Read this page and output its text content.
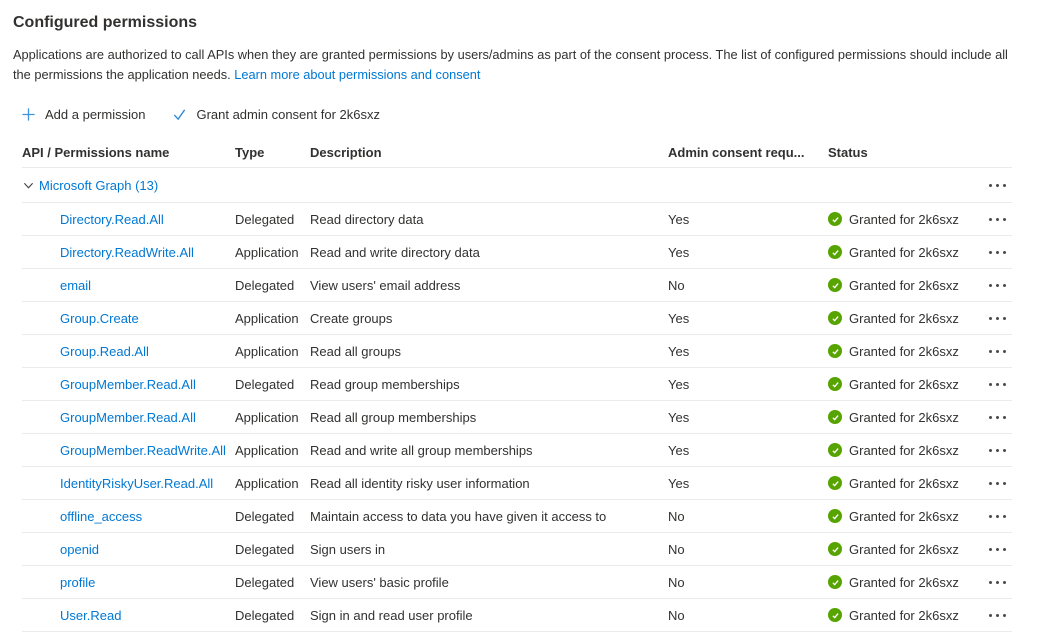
Configured permissions

Applications are authorized to call APIs when they are granted permissions by users/admins as part of the consent process. The list of configured permissions should include all the permissions the application needs. Learn more about permissions and consent

Add a permission	Grant admin consent for 2k6sxz
API / Permissions name	Type	Description	Admin consent requ...	Status
Microsoft Graph (13)
Directory.Read.All	Delegated	Read directory data	Yes	Granted for 2k6sxz
Directory.ReadWrite.All	Application Read and write directory data	Yes	Granted for 2k6sxz
email	Delegated	View users' email address	No	Granted for 2k6sxz
Group.Create	Application Create groups	Yes	Granted for 2k6sxz
Group.Read.All	Application Read all groups	Yes	Granted for 2k6sxz
GroupMember.Read.All	Delegated	Read group memberships	Yes	Granted for 2k6sxz
GroupMember.Read.All	Application Read all group memberships	Yes	Granted for 2k6sxz
GroupMember.ReadWrite.All Application Read and write all group memberships	Yes	Granted for 2k6sxz
IdentityRiskyUser.Read.All	Application Read all identity risky user information	Yes	Granted for 2k6sxz
offline_access	Delegated	Maintain access to data you have given it access to	No	Granted for 2k6sxz
openid	Delegated	Sign users in	No	Granted for 2k6sxz
profile	Delegated	View users' basic profile	No	Granted for 2k6sxz
User.Read	Delegated	Sign in and read user profile	No	Granted for 2k6sxz
